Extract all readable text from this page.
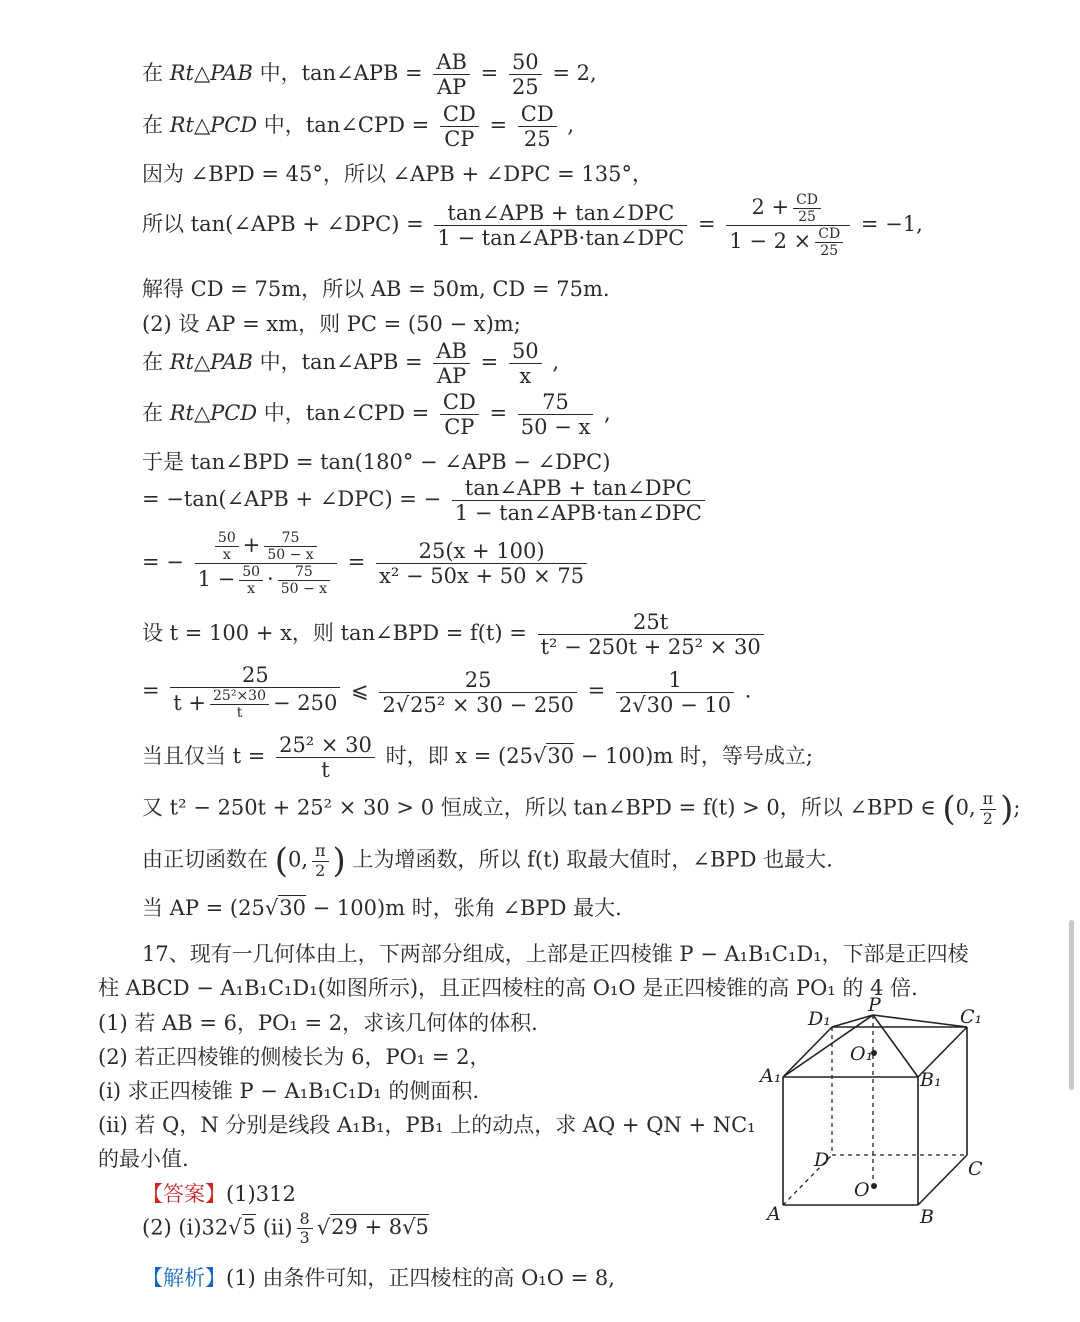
在 Rt△PAB 中，tan∠APB = $\frac{AB}{AP} = \frac{50}{25} = 2$,
在 Rt△PCD 中，tan∠CPD = $\frac{CD}{CP} = \frac{CD}{25}$ ,
因为 ∠BPD = 45°，所以 ∠APB + ∠DPC = 135°，
所以 tan(∠APB + ∠DPC) =	tan∠APB + tan∠DPC
1 − tan∠APB·tan∠DPC
= $\frac{2 + \frac{CD}{25}}{1 - 2 \times \frac{CD}{25}} = -1$,
解得 CD = 75m，所以 AB = 50m, CD = 75m.
(2) 设 AP = xm，则 PC = (50 − x)m;
在 Rt△PAB 中，tan∠APB = $\frac{AB}{AP} = \frac{50}{x}$ ,
在 Rt△PCD 中，tan∠CPD = $\frac{CD}{CP} = \frac{75}{50 - x}$ ,
于是 tan∠BPD = tan(180° − ∠APB − ∠DPC)
= −tan(∠APB + ∠DPC) = −	tan∠APB + tan∠DPC
1 − tan∠APB·tan∠DPC
= − $\frac{\frac{50}{x} + \frac{75}{50 - x}}{1 - \frac{50}{x} \cdot \frac{75}{50 - x}} = \frac{25(x + 100)}{\text{x² − 50x + 50 × 75}}$
设 t = 100 + x，则 tan∠BPD = $f(t) = \frac{25t}{\text{t² − 250t + 25² × 30}}$
= $\frac{25}{t + \frac{\text{25²×30}}{t} - 250}$ ⩽ $\frac{25}{\text{2√25² × 30 − 250}} = \frac{1}{2√30 - 10}$ .
当且仅当 $t = \frac{\text{25² × 30}}{t}$ 时，即 x = (25√30 − 100)m 时，等号成立;
又 t² − 250t + 25² × 30 > 0 恒成立，所以 tan∠BPD = f(t) > 0，所以 ∠BPD ∈ (0, $\frac{\pi}{2}$ );
由正切函数在 (0, $\frac{\pi}{2}$ ) 上为增函数，所以 f(t) 取最大值时，∠BPD 也最大.
当 AP = (25√30 − 100)m 时，张角 ∠BPD 最大.
17、现有一几何体由上，下两部分组成，上部是正四棱锥 P − A₁B₁C₁D₁，下部是正四棱
柱 ABCD − A₁B₁C₁D₁(如图所示)，且正四棱柱的高 O₁O 是正四棱锥的高 PO₁ 的 4 倍.
(1) 若 AB = 6，PO₁ = 2，求该几何体的体积.
(2) 若正四棱锥的侧棱长为 6，PO₁ = 2，
(i) 求正四棱锥 P − A₁B₁C₁D₁ 的侧面积.
(ii) 若 Q，N 分别是线段 A₁B₁，PB₁ 上的动点，求 AQ + QN + NC₁
的最小值.
【答案】(1)312
(2) (i)32√5 $(ii) \frac{8}{3} √29 + 8√5$
【解析】(1) 由条件可知，正四棱柱的高 O₁O = 8,
P
D₁	C₁
A₁	B₁
O₁
D	C
A	B
O
